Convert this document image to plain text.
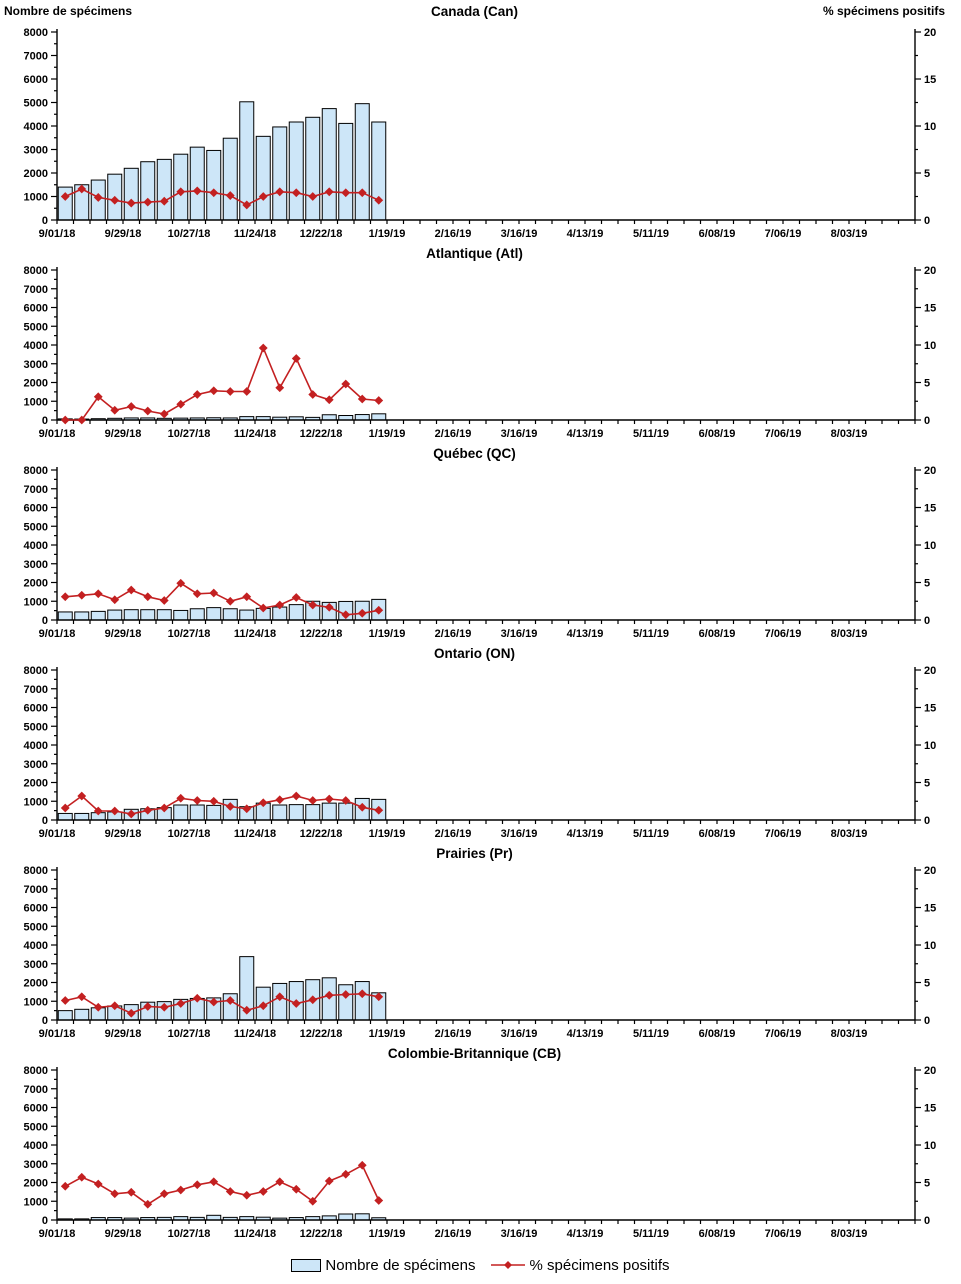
Nombre de spécimens	Canada (Can)	% spécimens positifs
0
1000
2000
3000
4000
5000
6000
7000
8000
0
5
10
15
20
9/01/18	9/29/18 10/27/18 11/24/18 12/22/18 1/19/19	2/16/19	3/16/19	4/13/19	5/11/19	6/08/19	7/06/19	8/03/19
Atlantique (Atl)
0
1000
2000
3000
4000
5000
6000
7000
8000
0
5
10
15
20
9/01/18	9/29/18 10/27/18 11/24/18 12/22/18 1/19/19	2/16/19	3/16/19	4/13/19	5/11/19	6/08/19	7/06/19	8/03/19
Québec (QC)
0
1000
2000
3000
4000
5000
6000
7000
8000
0
5
10
15
20
9/01/18	9/29/18 10/27/18 11/24/18 12/22/18 1/19/19	2/16/19	3/16/19	4/13/19	5/11/19	6/08/19	7/06/19	8/03/19
Ontario (ON)
0
1000
2000
3000
4000
5000
6000
7000
8000
0
5
10
15
20
9/01/18	9/29/18 10/27/18 11/24/18 12/22/18 1/19/19	2/16/19	3/16/19	4/13/19	5/11/19	6/08/19	7/06/19	8/03/19
Prairies (Pr)
0
1000
2000
3000
4000
5000
6000
7000
8000
0
5
10
15
20
9/01/18	9/29/18 10/27/18 11/24/18 12/22/18 1/19/19	2/16/19	3/16/19	4/13/19	5/11/19	6/08/19	7/06/19	8/03/19
Colombie-Britannique (CB)
0
1000
2000
3000
4000
5000
6000
7000
8000
0
5
10
15
20
9/01/18	9/29/18 10/27/18 11/24/18 12/22/18 1/19/19	2/16/19	3/16/19	4/13/19	5/11/19	6/08/19	7/06/19	8/03/19
Nombre de spécimens	% spécimens positifs
